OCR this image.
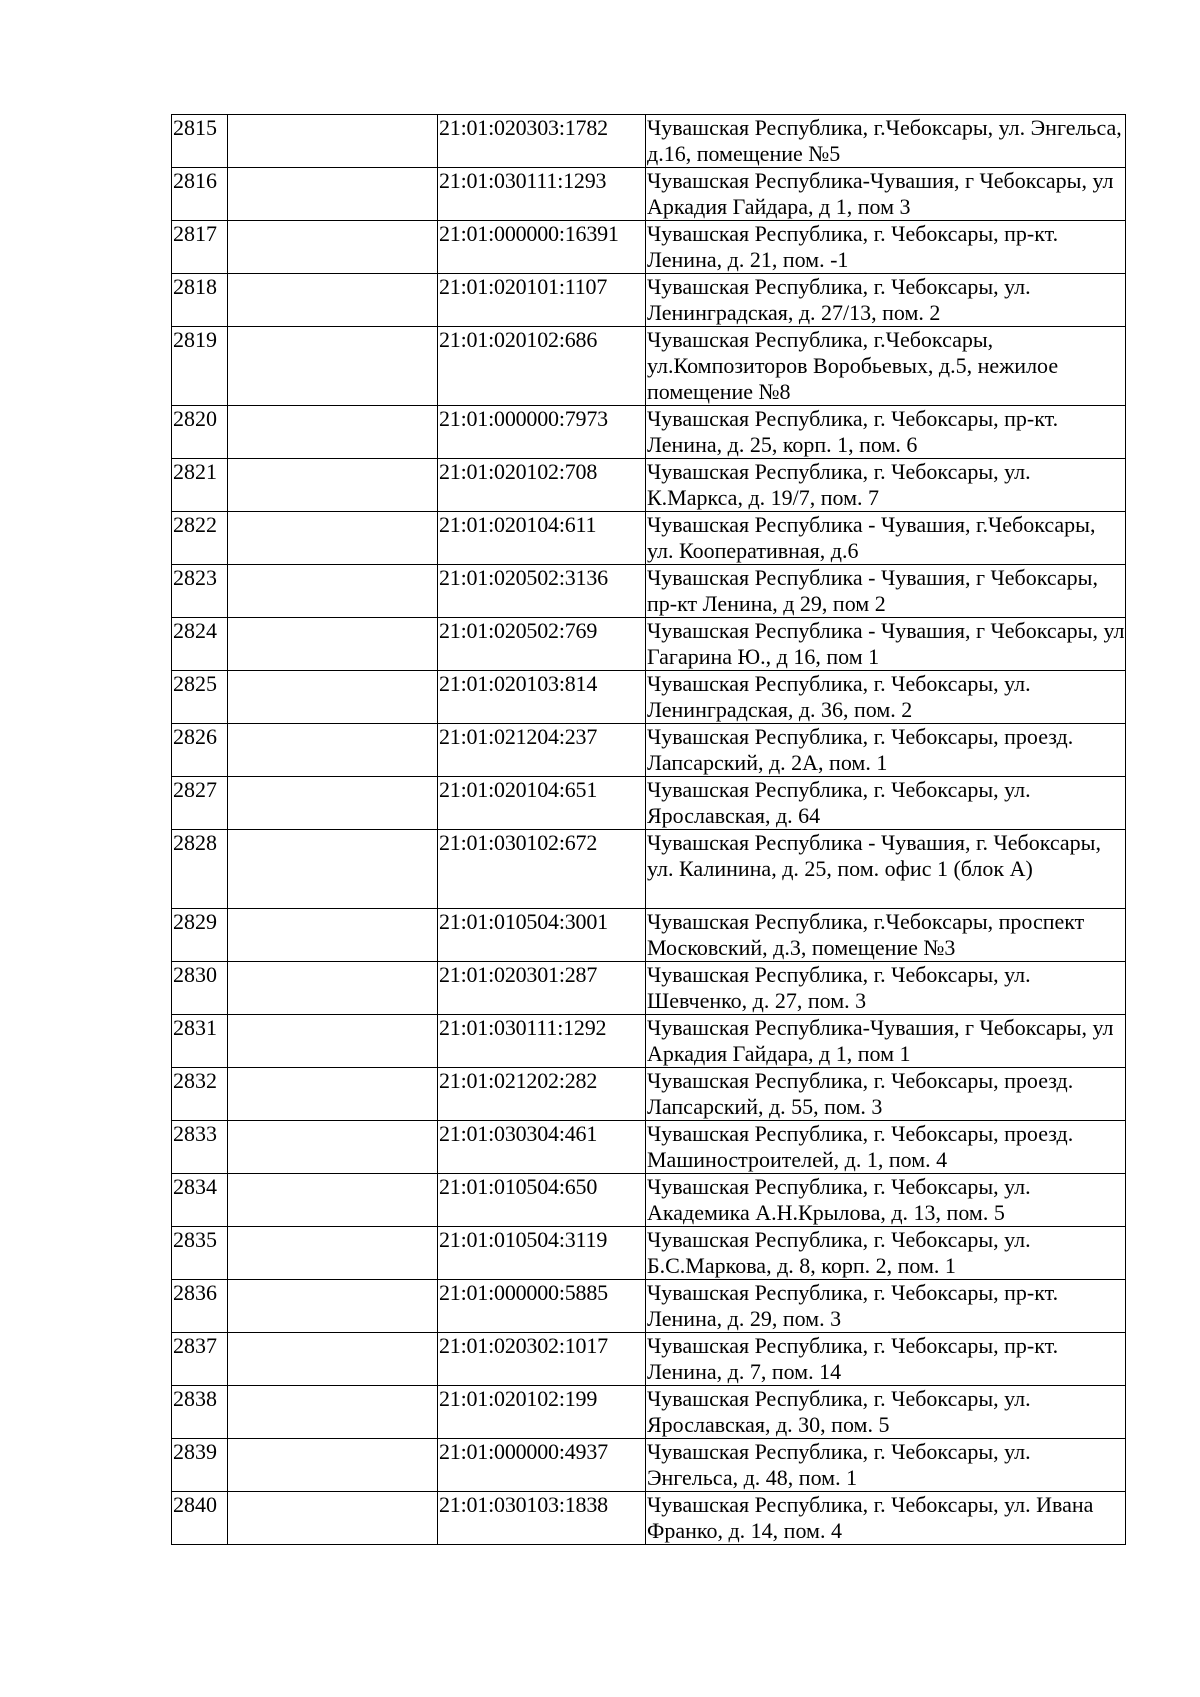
2815		21:01:020303:1782	Чувашская Республика, г.Чебоксары, ул. Энгельса, д.16, помещение №5
2816		21:01:030111:1293	Чувашская Республика-Чувашия, г Чебоксары, ул Аркадия Гайдара, д 1, пом 3
2817		21:01:000000:16391	Чувашская Республика, г. Чебоксары, пр-кт. Ленина, д. 21, пом. -1
2818		21:01:020101:1107	Чувашская Республика, г. Чебоксары, ул. Ленинградская, д. 27/13, пом. 2
2819		21:01:020102:686	Чувашская Республика, г.Чебоксары, ул.Композиторов Воробьевых, д.5, нежилое помещение №8
2820		21:01:000000:7973	Чувашская Республика, г. Чебоксары, пр-кт. Ленина, д. 25, корп. 1, пом. 6
2821		21:01:020102:708	Чувашская Республика, г. Чебоксары, ул. К.Маркса, д. 19/7, пом. 7
2822		21:01:020104:611	Чувашская Республика - Чувашия, г.Чебоксары, ул. Кооперативная, д.6
2823		21:01:020502:3136	Чувашская Республика - Чувашия, г Чебоксары, пр-кт Ленина, д 29, пом 2
2824		21:01:020502:769	Чувашская Республика - Чувашия, г Чебоксары, ул Гагарина Ю., д 16, пом 1
2825		21:01:020103:814	Чувашская Республика, г. Чебоксары, ул. Ленинградская, д. 36, пом. 2
2826		21:01:021204:237	Чувашская Республика, г. Чебоксары, проезд. Лапсарский, д. 2А, пом. 1
2827		21:01:020104:651	Чувашская Республика, г. Чебоксары, ул. Ярославская, д. 64
2828		21:01:030102:672	Чувашская Республика - Чувашия, г. Чебоксары, ул. Калинина, д. 25, пом. офис 1 (блок А)
2829		21:01:010504:3001	Чувашская Республика, г.Чебоксары, проспект Московский, д.3, помещение №3
2830		21:01:020301:287	Чувашская Республика, г. Чебоксары, ул. Шевченко, д. 27, пом. 3
2831		21:01:030111:1292	Чувашская Республика-Чувашия, г Чебоксары, ул Аркадия Гайдара, д 1, пом 1
2832		21:01:021202:282	Чувашская Республика, г. Чебоксары, проезд. Лапсарский, д. 55, пом. 3
2833		21:01:030304:461	Чувашская Республика, г. Чебоксары, проезд. Машиностроителей, д. 1, пом. 4
2834		21:01:010504:650	Чувашская Республика, г. Чебоксары, ул. Академика А.Н.Крылова, д. 13, пом. 5
2835		21:01:010504:3119	Чувашская Республика, г. Чебоксары, ул. Б.С.Маркова, д. 8, корп. 2, пом. 1
2836		21:01:000000:5885	Чувашская Республика, г. Чебоксары, пр-кт. Ленина, д. 29, пом. 3
2837		21:01:020302:1017	Чувашская Республика, г. Чебоксары, пр-кт. Ленина, д. 7, пом. 14
2838		21:01:020102:199	Чувашская Республика, г. Чебоксары, ул. Ярославская, д. 30, пом. 5
2839		21:01:000000:4937	Чувашская Республика, г. Чебоксары, ул. Энгельса, д. 48, пом. 1
2840		21:01:030103:1838	Чувашская Республика, г. Чебоксары, ул. Ивана Франко, д. 14, пом. 4
